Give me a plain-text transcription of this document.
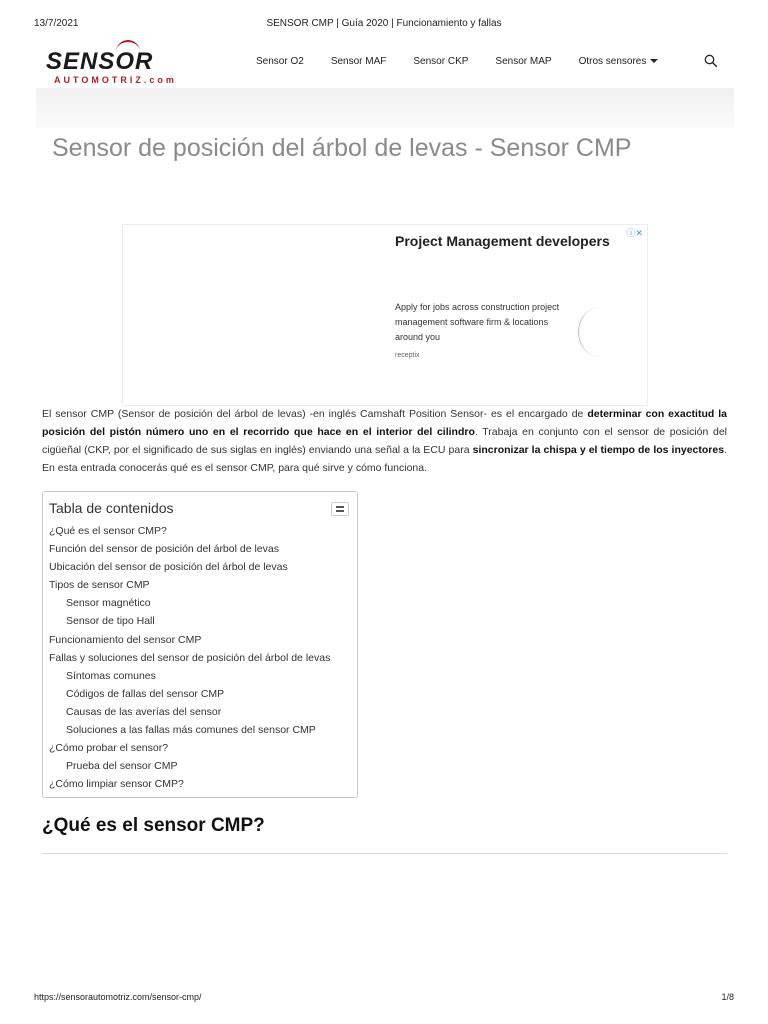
13/7/2021	SENSOR CMP | Guía 2020 | Funcionamiento y fallas
SENSOR
AUTOMOTRIZ.com
Sensor O2	Sensor MAF	Sensor CKP	Sensor MAP	Otros sensores
Sensor de posición del árbol de levas - Sensor CMP
ⓘ✕
Project Management developers
Apply for jobs across construction project management software firm & locations around you
receptix

El sensor CMP (Sensor de posición del árbol de levas) -en inglés Camshaft Position Sensor- es el encargado de determinar con exactitud la posición del pistón número uno en el recorrido que hace en el interior del cilindro. Trabaja en conjunto con el sensor de posición del cigüeñal (CKP, por el significado de sus siglas en inglés) enviando una señal a la ECU para sincronizar la chispa y el tiempo de los inyectores. En esta entrada conocerás qué es el sensor CMP, para qué sirve y cómo funciona.

Tabla de contenidos
¿Qué es el sensor CMP?
Función del sensor de posición del árbol de levas
Ubicación del sensor de posición del árbol de levas
Tipos de sensor CMP
Sensor magnético
Sensor de tipo Hall
Funcionamiento del sensor CMP
Fallas y soluciones del sensor de posición del árbol de levas
Síntomas comunes
Códigos de fallas del sensor CMP
Causas de las averías del sensor
Soluciones a las fallas más comunes del sensor CMP
¿Cómo probar el sensor?
Prueba del sensor CMP
¿Cómo limpiar sensor CMP?
¿Qué es el sensor CMP?
https://sensorautomotriz.com/sensor-cmp/	1/8
